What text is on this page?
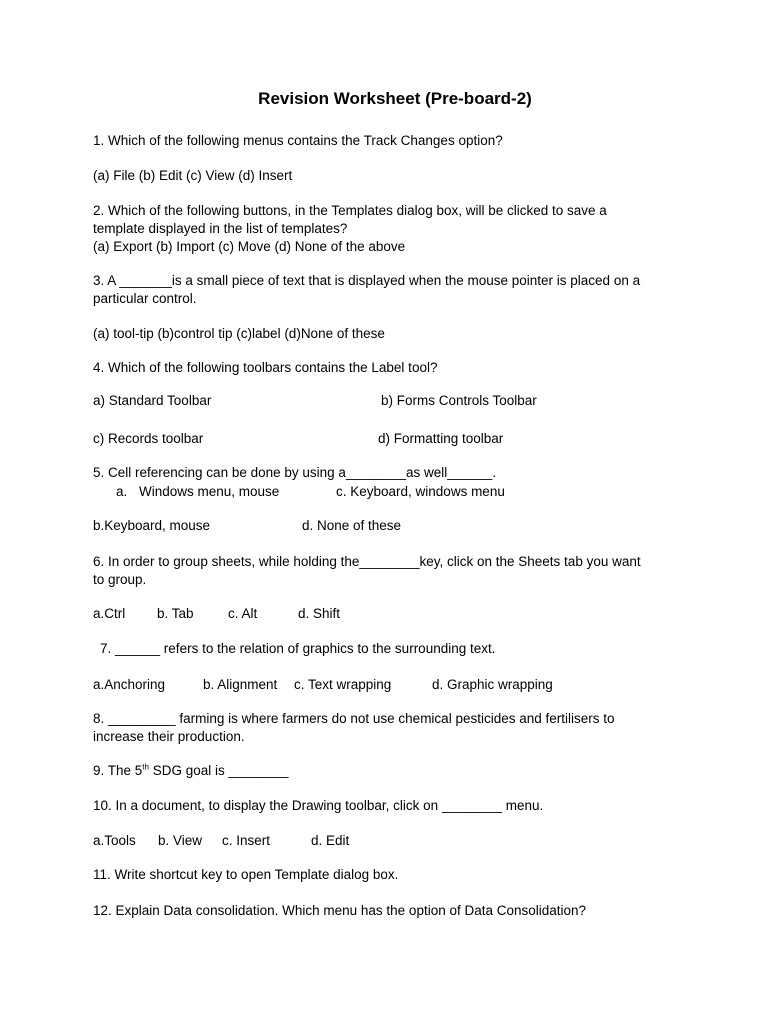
Revision Worksheet (Pre-board-2)
1. Which of the following menus contains the Track Changes option?
(a) File (b) Edit (c) View (d) Insert
2. Which of the following buttons, in the Templates dialog box, will be clicked to save a
template displayed in the list of templates?
(a) Export (b) Import (c) Move (d) None of the above
3. A _______is a small piece of text that is displayed when the mouse pointer is placed on a
particular control.
(a) tool-tip (b)control tip (c)label (d)None of these
4. Which of the following toolbars contains the Label tool?
a) Standard Toolbar	b) Forms Controls Toolbar
c) Records toolbar	d) Formatting toolbar
5. Cell referencing can be done by using a________as well______.
a. Windows menu, mouse	c. Keyboard, windows menu
b.Keyboard, mouse	d. None of these
6. In order to group sheets, while holding the________key, click on the Sheets tab you want
to group.
a.Ctrl b. Tab	c. Alt	d. Shift
7. ______ refers to the relation of graphics to the surrounding text.
a.Anchoring	b. Alignment c. Text wrapping	d. Graphic wrapping
8. _________ farming is where farmers do not use chemical pesticides and fertilisers to
increase their production.
9. The 5th SDG goal is ________
10. In a document, to display the Drawing toolbar, click on ________ menu.
a.Tools b. View c. Insert	d. Edit
11. Write shortcut key to open Template dialog box.
12. Explain Data consolidation. Which menu has the option of Data Consolidation?
